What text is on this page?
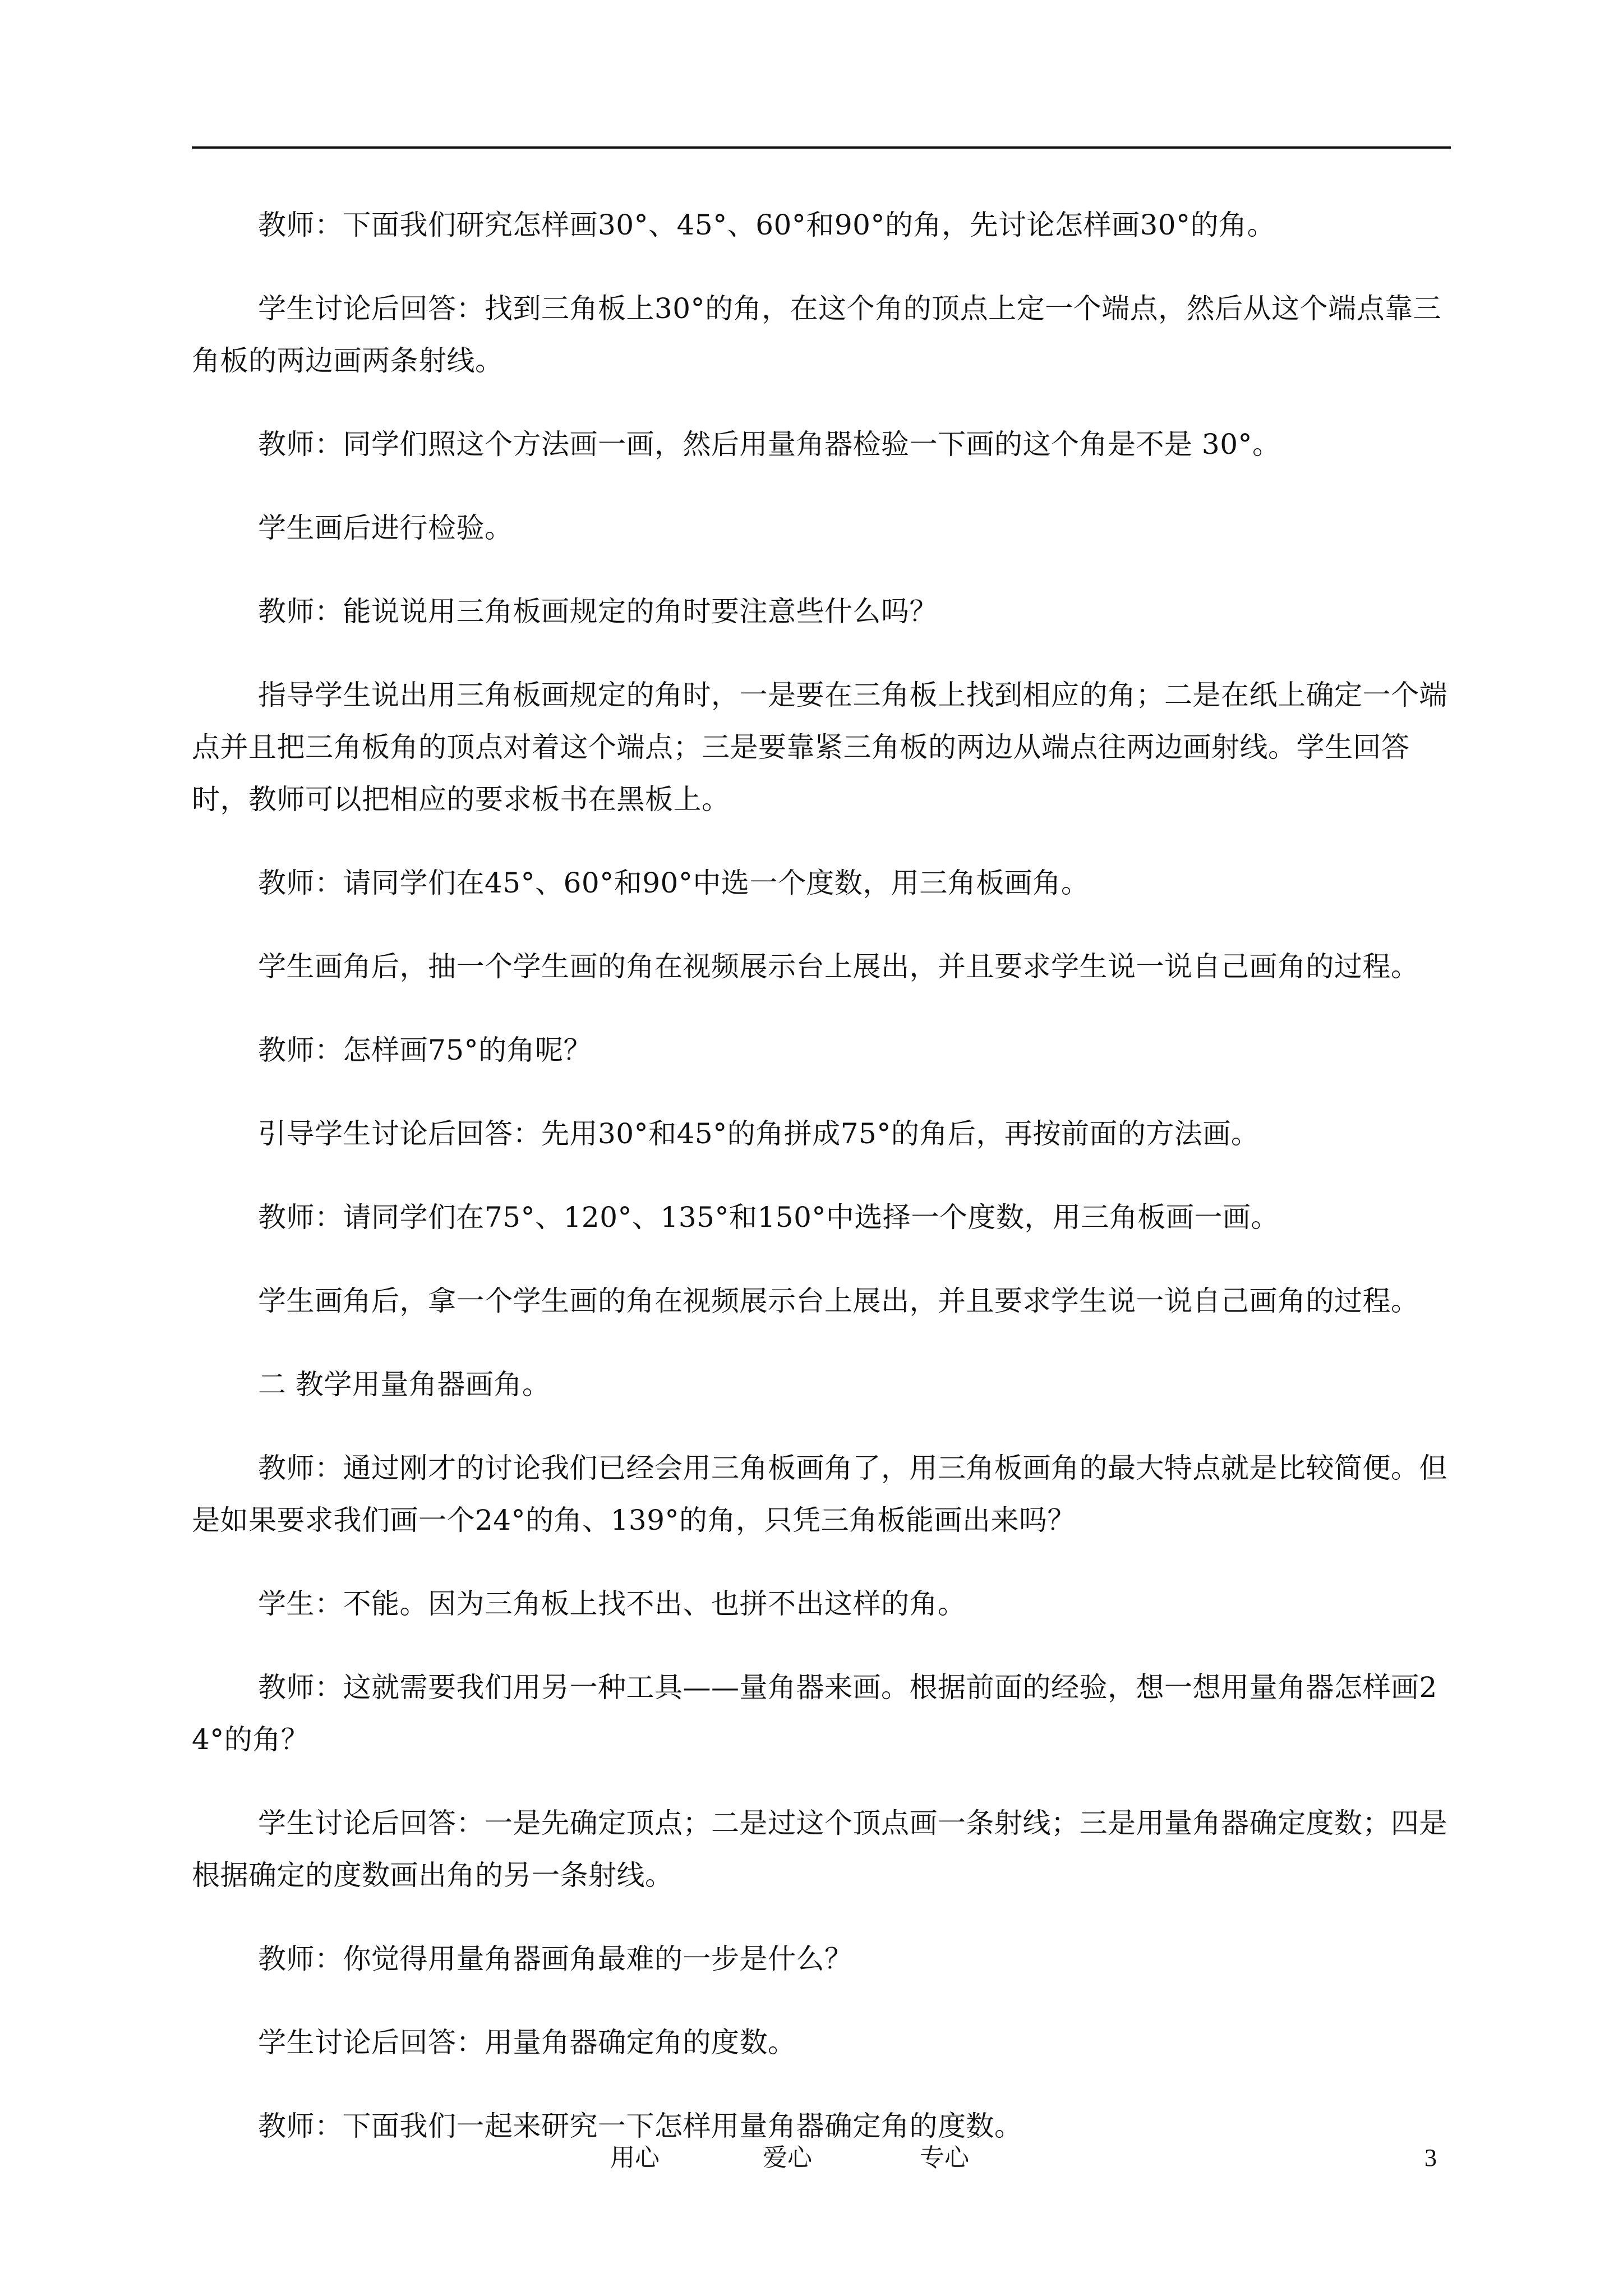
教师：下面我们研究怎样画30°、45°、60°和90°的角，先讨论怎样画30°的角。

学生讨论后回答：找到三角板上30°的角，在这个角的顶点上定一个端点，然后从这个端点靠三角板的两边画两条射线。

教师：同学们照这个方法画一画，然后用量角器检验一下画的这个角是不是 30°。

学生画后进行检验。

教师：能说说用三角板画规定的角时要注意些什么吗？

指导学生说出用三角板画规定的角时，一是要在三角板上找到相应的角；二是在纸上确定一个端点并且把三角板角的顶点对着这个端点；三是要靠紧三角板的两边从端点往两边画射线。学生回答时，教师可以把相应的要求板书在黑板上。

教师：请同学们在45°、60°和90°中选一个度数，用三角板画角。

学生画角后，抽一个学生画的角在视频展示台上展出，并且要求学生说一说自己画角的过程。

教师：怎样画75°的角呢？

引导学生讨论后回答：先用30°和45°的角拼成75°的角后，再按前面的方法画。

教师：请同学们在75°、120°、135°和150°中选择一个度数，用三角板画一画。

学生画角后，拿一个学生画的角在视频展示台上展出，并且要求学生说一说自己画角的过程。

二 教学用量角器画角。

教师：通过刚才的讨论我们已经会用三角板画角了，用三角板画角的最大特点就是比较简便。但是如果要求我们画一个24°的角、139°的角，只凭三角板能画出来吗？

学生：不能。因为三角板上找不出、也拼不出这样的角。

教师：这就需要我们用另一种工具——量角器来画。根据前面的经验，想一想用量角器怎样画24°的角？

学生讨论后回答：一是先确定顶点；二是过这个顶点画一条射线；三是用量角器确定度数；四是根据确定的度数画出角的另一条射线。

教师：你觉得用量角器画角最难的一步是什么？

学生讨论后回答：用量角器确定角的度数。

教师：下面我们一起来研究一下怎样用量角器确定角的度数。

用心	爱心	专心	3
